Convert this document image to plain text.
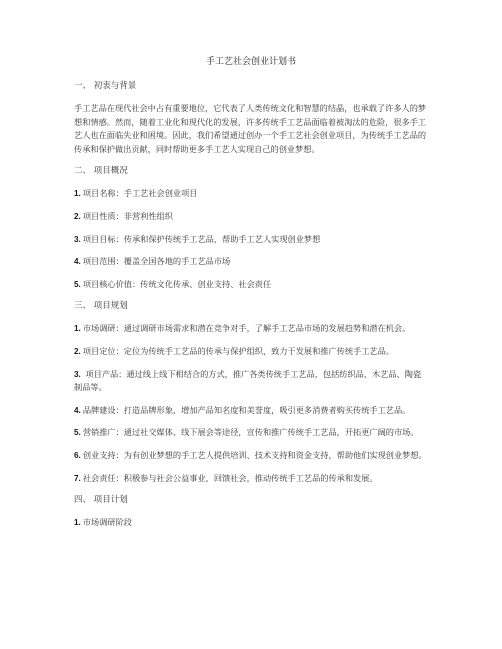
手工艺社会创业计划书
一、 初衷与背景
手工艺品在现代社会中占有重要地位，它代表了人类传统文化和智慧的结晶，也承载了许多人的梦想和情感。然而，随着工业化和现代化的发展，许多传统手工艺品面临着被淘汰的危险，很多手工艺人也在面临失业和困境。因此，我们希望通过创办一个手工艺社会创业项目，为传统手工艺品的传承和保护做出贡献，同时帮助更多手工艺人实现自己的创业梦想。
二、 项目概况
1. 项目名称：手工艺社会创业项目
2. 项目性质：非营利性组织
3. 项目目标：传承和保护传统手工艺品，帮助手工艺人实现创业梦想
4. 项目范围：覆盖全国各地的手工艺品市场
5. 项目核心价值：传统文化传承、创业支持、社会责任
三、 项目规划
1. 市场调研：通过调研市场需求和潜在竞争对手，了解手工艺品市场的发展趋势和潜在机会。
2. 项目定位：定位为传统手工艺品的传承与保护组织，致力于发展和推广传统手工艺品。
3. 项目产品：通过线上线下相结合的方式，推广各类传统手工艺品，包括纺织品、木艺品、陶瓷制品等。
4. 品牌建设：打造品牌形象，增加产品知名度和美誉度，吸引更多消费者购买传统手工艺品。
5. 营销推广：通过社交媒体、线下展会等途径，宣传和推广传统手工艺品，开拓更广阔的市场。
6. 创业支持：为有创业梦想的手工艺人提供培训、技术支持和资金支持，帮助他们实现创业梦想。
7. 社会责任：积极参与社会公益事业，回馈社会，推动传统手工艺品的传承和发展。
四、 项目计划
1. 市场调研阶段
